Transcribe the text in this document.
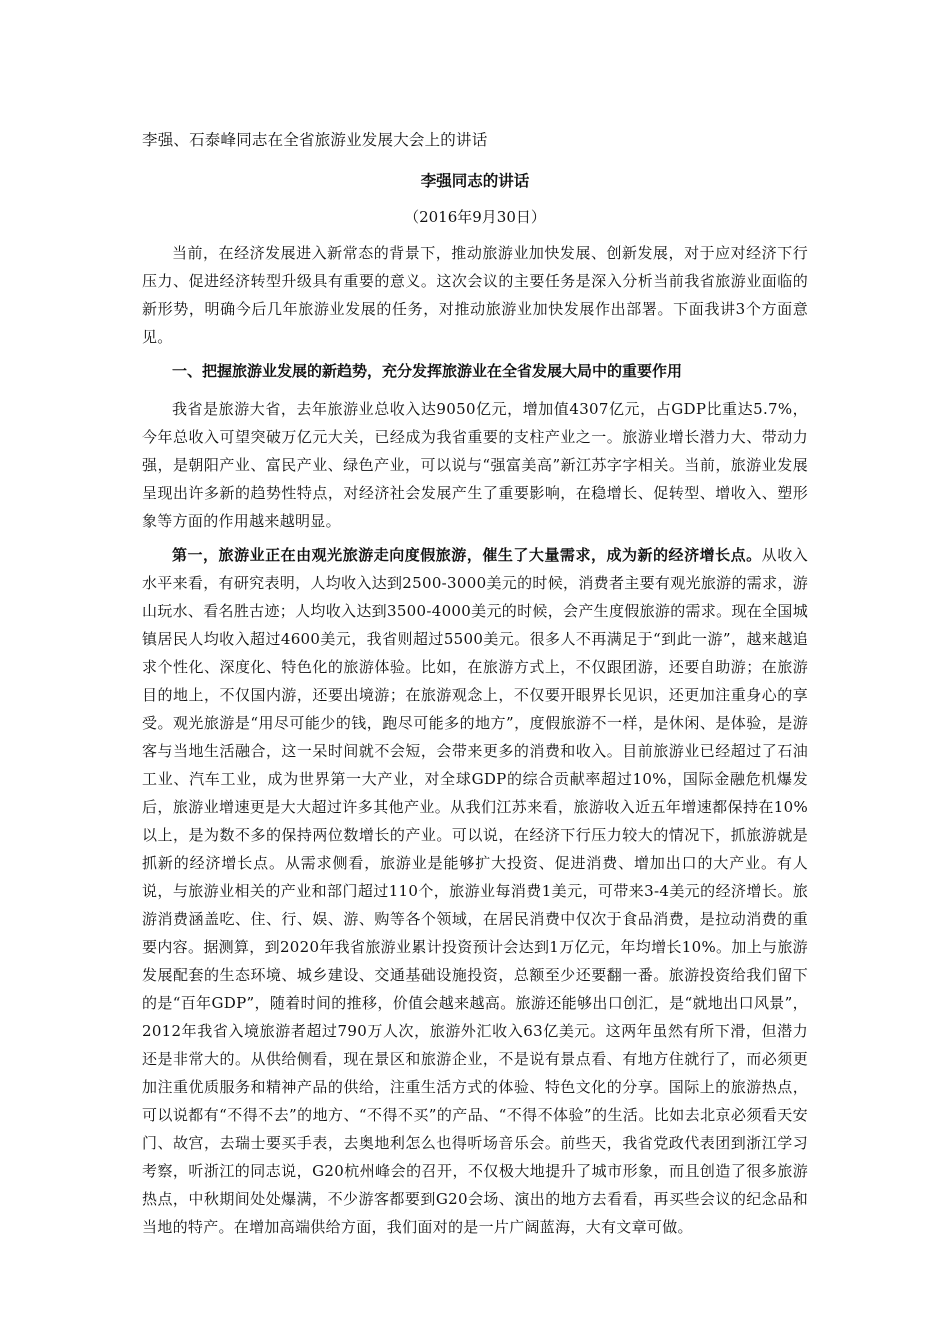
李强、石泰峰同志在全省旅游业发展大会上的讲话
李强同志的讲话
（2016年9月30日）

当前，在经济发展进入新常态的背景下，推动旅游业加快发展、创新发展，对于应对经济下行压力、促进经济转型升级具有重要的意义。这次会议的主要任务是深入分析当前我省旅游业面临的新形势，明确今后几年旅游业发展的任务，对推动旅游业加快发展作出部署。下面我讲3个方面意见。

一、把握旅游业发展的新趋势，充分发挥旅游业在全省发展大局中的重要作用

我省是旅游大省，去年旅游业总收入达9050亿元，增加值4307亿元，占GDP比重达5.7%，今年总收入可望突破万亿元大关，已经成为我省重要的支柱产业之一。旅游业增长潜力大、带动力强，是朝阳产业、富民产业、绿色产业，可以说与“强富美高”新江苏字字相关。当前，旅游业发展呈现出许多新的趋势性特点，对经济社会发展产生了重要影响，在稳增长、促转型、增收入、塑形象等方面的作用越来越明显。

第一，旅游业正在由观光旅游走向度假旅游，催生了大量需求，成为新的经济增长点。从收入水平来看，有研究表明，人均收入达到2500-3000美元的时候，消费者主要有观光旅游的需求，游山玩水、看名胜古迹；人均收入达到3500-4000美元的时候，会产生度假旅游的需求。现在全国城镇居民人均收入超过4600美元，我省则超过5500美元。很多人不再满足于“到此一游”，越来越追求个性化、深度化、特色化的旅游体验。比如，在旅游方式上，不仅跟团游，还要自助游；在旅游目的地上，不仅国内游，还要出境游；在旅游观念上，不仅要开眼界长见识，还更加注重身心的享受。观光旅游是“用尽可能少的钱，跑尽可能多的地方”，度假旅游不一样，是休闲、是体验，是游客与当地生活融合，这一呆时间就不会短，会带来更多的消费和收入。目前旅游业已经超过了石油工业、汽车工业，成为世界第一大产业，对全球GDP的综合贡献率超过10%，国际金融危机爆发后，旅游业增速更是大大超过许多其他产业。从我们江苏来看，旅游收入近五年增速都保持在10%以上，是为数不多的保持两位数增长的产业。可以说，在经济下行压力较大的情况下，抓旅游就是抓新的经济增长点。从需求侧看，旅游业是能够扩大投资、促进消费、增加出口的大产业。有人说，与旅游业相关的产业和部门超过110个，旅游业每消费1美元，可带来3-4美元的经济增长。旅游消费涵盖吃、住、行、娱、游、购等各个领域，在居民消费中仅次于食品消费，是拉动消费的重要内容。据测算，到2020年我省旅游业累计投资预计会达到1万亿元，年均增长10%。加上与旅游发展配套的生态环境、城乡建设、交通基础设施投资，总额至少还要翻一番。旅游投资给我们留下的是“百年GDP”，随着时间的推移，价值会越来越高。旅游还能够出口创汇，是“就地出口风景”，2012年我省入境旅游者超过790万人次，旅游外汇收入63亿美元。这两年虽然有所下滑，但潜力还是非常大的。从供给侧看，现在景区和旅游企业，不是说有景点看、有地方住就行了，而必须更加注重优质服务和精神产品的供给，注重生活方式的体验、特色文化的分享。国际上的旅游热点，可以说都有“不得不去”的地方、“不得不买”的产品、“不得不体验”的生活。比如去北京必须看天安门、故宫，去瑞士要买手表，去奥地利怎么也得听场音乐会。前些天，我省党政代表团到浙江学习考察，听浙江的同志说，G20杭州峰会的召开，不仅极大地提升了城市形象，而且创造了很多旅游热点，中秋期间处处爆满，不少游客都要到G20会场、演出的地方去看看，再买些会议的纪念品和当地的特产。在增加高端供给方面，我们面对的是一片广阔蓝海，大有文章可做。
